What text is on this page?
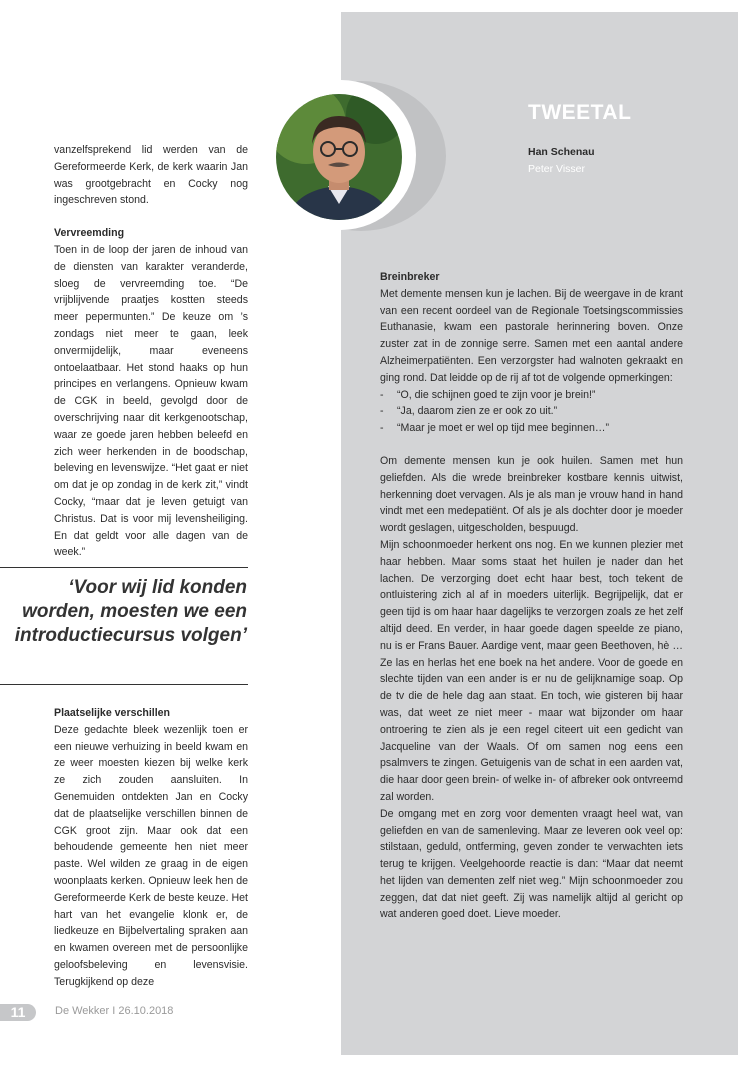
TWEETAL
Han Schenau
Peter Visser

vanzelfsprekend lid werden van de Gereformeerde Kerk, de kerk waarin Jan was grootgebracht en Cocky nog ingeschreven stond.

Vervreemding

Toen in de loop der jaren de inhoud van de diensten van karakter veranderde, sloeg de vervreemding toe. “De vrijblijvende praatjes kostten steeds meer pepermunten.” De keuze om ’s zondags niet meer te gaan, leek onvermijdelijk, maar eveneens ontoelaatbaar. Het stond haaks op hun principes en verlangens. Opnieuw kwam de CGK in beeld, gevolgd door de overschrijving naar dit kerkgenootschap, waar ze goede jaren hebben beleefd en zich weer herkenden in de boodschap, beleving en levenswijze. “Het gaat er niet om dat je op zondag in de kerk zit,” vindt Cocky, “maar dat je leven getuigt van Christus. Dat is voor mij levensheiliging. En dat geldt voor alle dagen van de week.”

‘Voor wij lid konden worden, moesten we een introductiecursus volgen’
Plaatselijke verschillen

Deze gedachte bleek wezenlijk toen er een nieuwe verhuizing in beeld kwam en ze weer moesten kiezen bij welke kerk ze zich zouden aansluiten. In Genemuiden ontdekten Jan en Cocky dat de plaatselijke verschillen binnen de CGK groot zijn. Maar ook dat een behoudende gemeente hen niet meer paste. Wel wilden ze graag in de eigen woonplaats kerken. Opnieuw leek hen de Gereformeerde Kerk de beste keuze. Het hart van het evangelie klonk er, de liedkeuze en Bijbelvertaling spraken aan en kwamen overeen met de persoonlijke geloofsbeleving en levensvisie. Terugkijkend op deze

Breinbreker

Met demente mensen kun je lachen. Bij de weergave in de krant van een recent oordeel van de Regionale Toetsingscommissies Euthanasie, kwam een pastorale herinnering boven. Onze zuster zat in de zonnige serre. Samen met een aantal andere Alzheimerpatiënten. Een verzorgster had walnoten gekraakt en ging rond. Dat leidde op de rij af tot de volgende opmerkingen:

- “O, die schijnen goed te zijn voor je brein!”
- “Ja, daarom zien ze er ook zo uit.”
- “Maar je moet er wel op tijd mee beginnen…”

Om demente mensen kun je ook huilen. Samen met hun geliefden. Als die wrede breinbreker kostbare kennis uitwist, herkenning doet vervagen. Als je als man je vrouw hand in hand vindt met een medepatiënt. Of als je als dochter door je moeder wordt geslagen, uitgescholden, bespuugd.

Mijn schoonmoeder herkent ons nog. En we kunnen plezier met haar hebben. Maar soms staat het huilen je nader dan het lachen. De verzorging doet echt haar best, toch tekent de ontluistering zich al af in moeders uiterlijk. Begrijpelijk, dat er geen tijd is om haar haar dagelijks te verzorgen zoals ze het zelf altijd deed. En verder, in haar goede dagen speelde ze piano, nu is er Frans Bauer. Aardige vent, maar geen Beethoven, hè … Ze las en herlas het ene boek na het andere. Voor de goede en slechte tijden van een ander is er nu de gelijknamige soap. Op de tv die de hele dag aan staat. En toch, wie gisteren bij haar was, dat weet ze niet meer - maar wat bijzonder om haar ontroering te zien als je een regel citeert uit een gedicht van Jacqueline van der Waals. Of om samen nog eens een psalmvers te zingen. Getuigenis van de schat in een aarden vat, die haar door geen brein- of welke in- of afbreker ook ontvreemd zal worden.

De omgang met en zorg voor dementen vraagt heel wat, van geliefden en van de samenleving. Maar ze leveren ook veel op: stilstaan, geduld, ontferming, geven zonder te verwachten iets terug te krijgen. Veelgehoorde reactie is dan: “Maar dat neemt het lijden van dementen zelf niet weg.” Mijn schoonmoeder zou zeggen, dat dat niet geeft. Zij was namelijk altijd al gericht op wat anderen goed doet. Lieve moeder.

11	De Wekker I 26.10.2018
